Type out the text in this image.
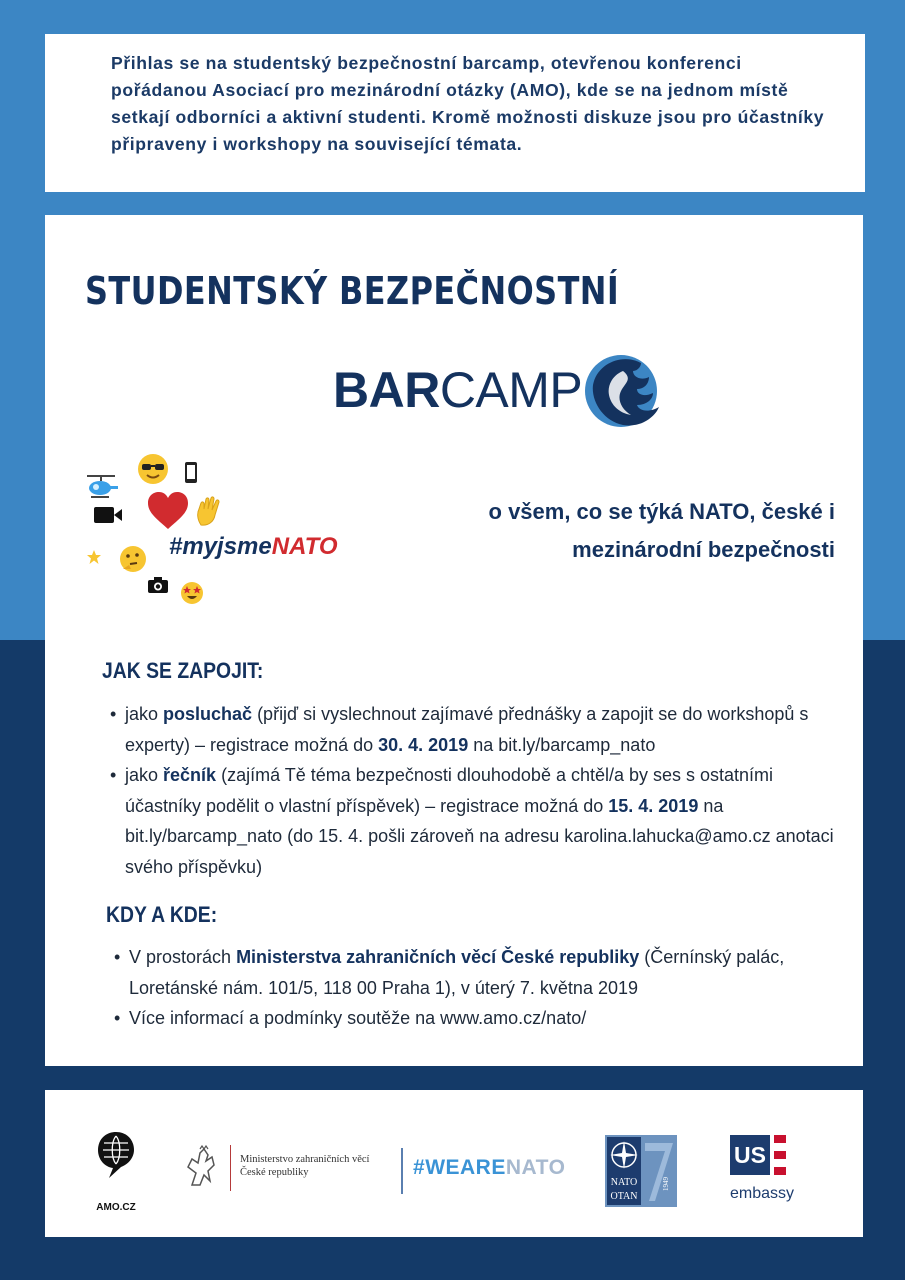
Přihlas se na studentský bezpečnostní barcamp, otevřenou konferenci pořádanou Asociací pro mezinárodní otázky (AMO), kde se na jednom místě setkají odborníci a aktivní studenti. Kromě možnosti diskuze jsou pro účastníky připraveny i workshopy na související témata.

STUDENTSKÝ BEZPEČNOSTNÍ
BARCAMP
#myjsmeNATO

o všem, co se týká NATO, české i
mezinárodní bezpečnosti

JAK SE ZAPOJIT:
• jako posluchač (přijď si vyslechnout zajímavé přednášky a zapojit se do workshopů s experty) – registrace možná do 30. 4. 2019 na bit.ly/barcamp_nato
• jako řečník (zajímá Tě téma bezpečnosti dlouhodobě a chtěl/a by ses s ostatními účastníky podělit o vlastní příspěvek) – registrace možná do 15. 4. 2019 na bit.ly/barcamp_nato (do 15. 4. pošli zároveň na adresu karolina.lahucka@amo.cz anotaci svého příspěvku)
KDY A KDE:
• V prostorách Ministerstva zahraničních věcí České republiky (Černínský palác, Loretánské nám. 101/5, 118 00 Praha 1), v úterý 7. května 2019
• Více informací a podmínky soutěže na www.amo.cz/nato/
AMO.CZ
Ministerstvo zahraničních věcí
České republiky	#WEARENATO
NATO
OTAN
1949
US
embassy
